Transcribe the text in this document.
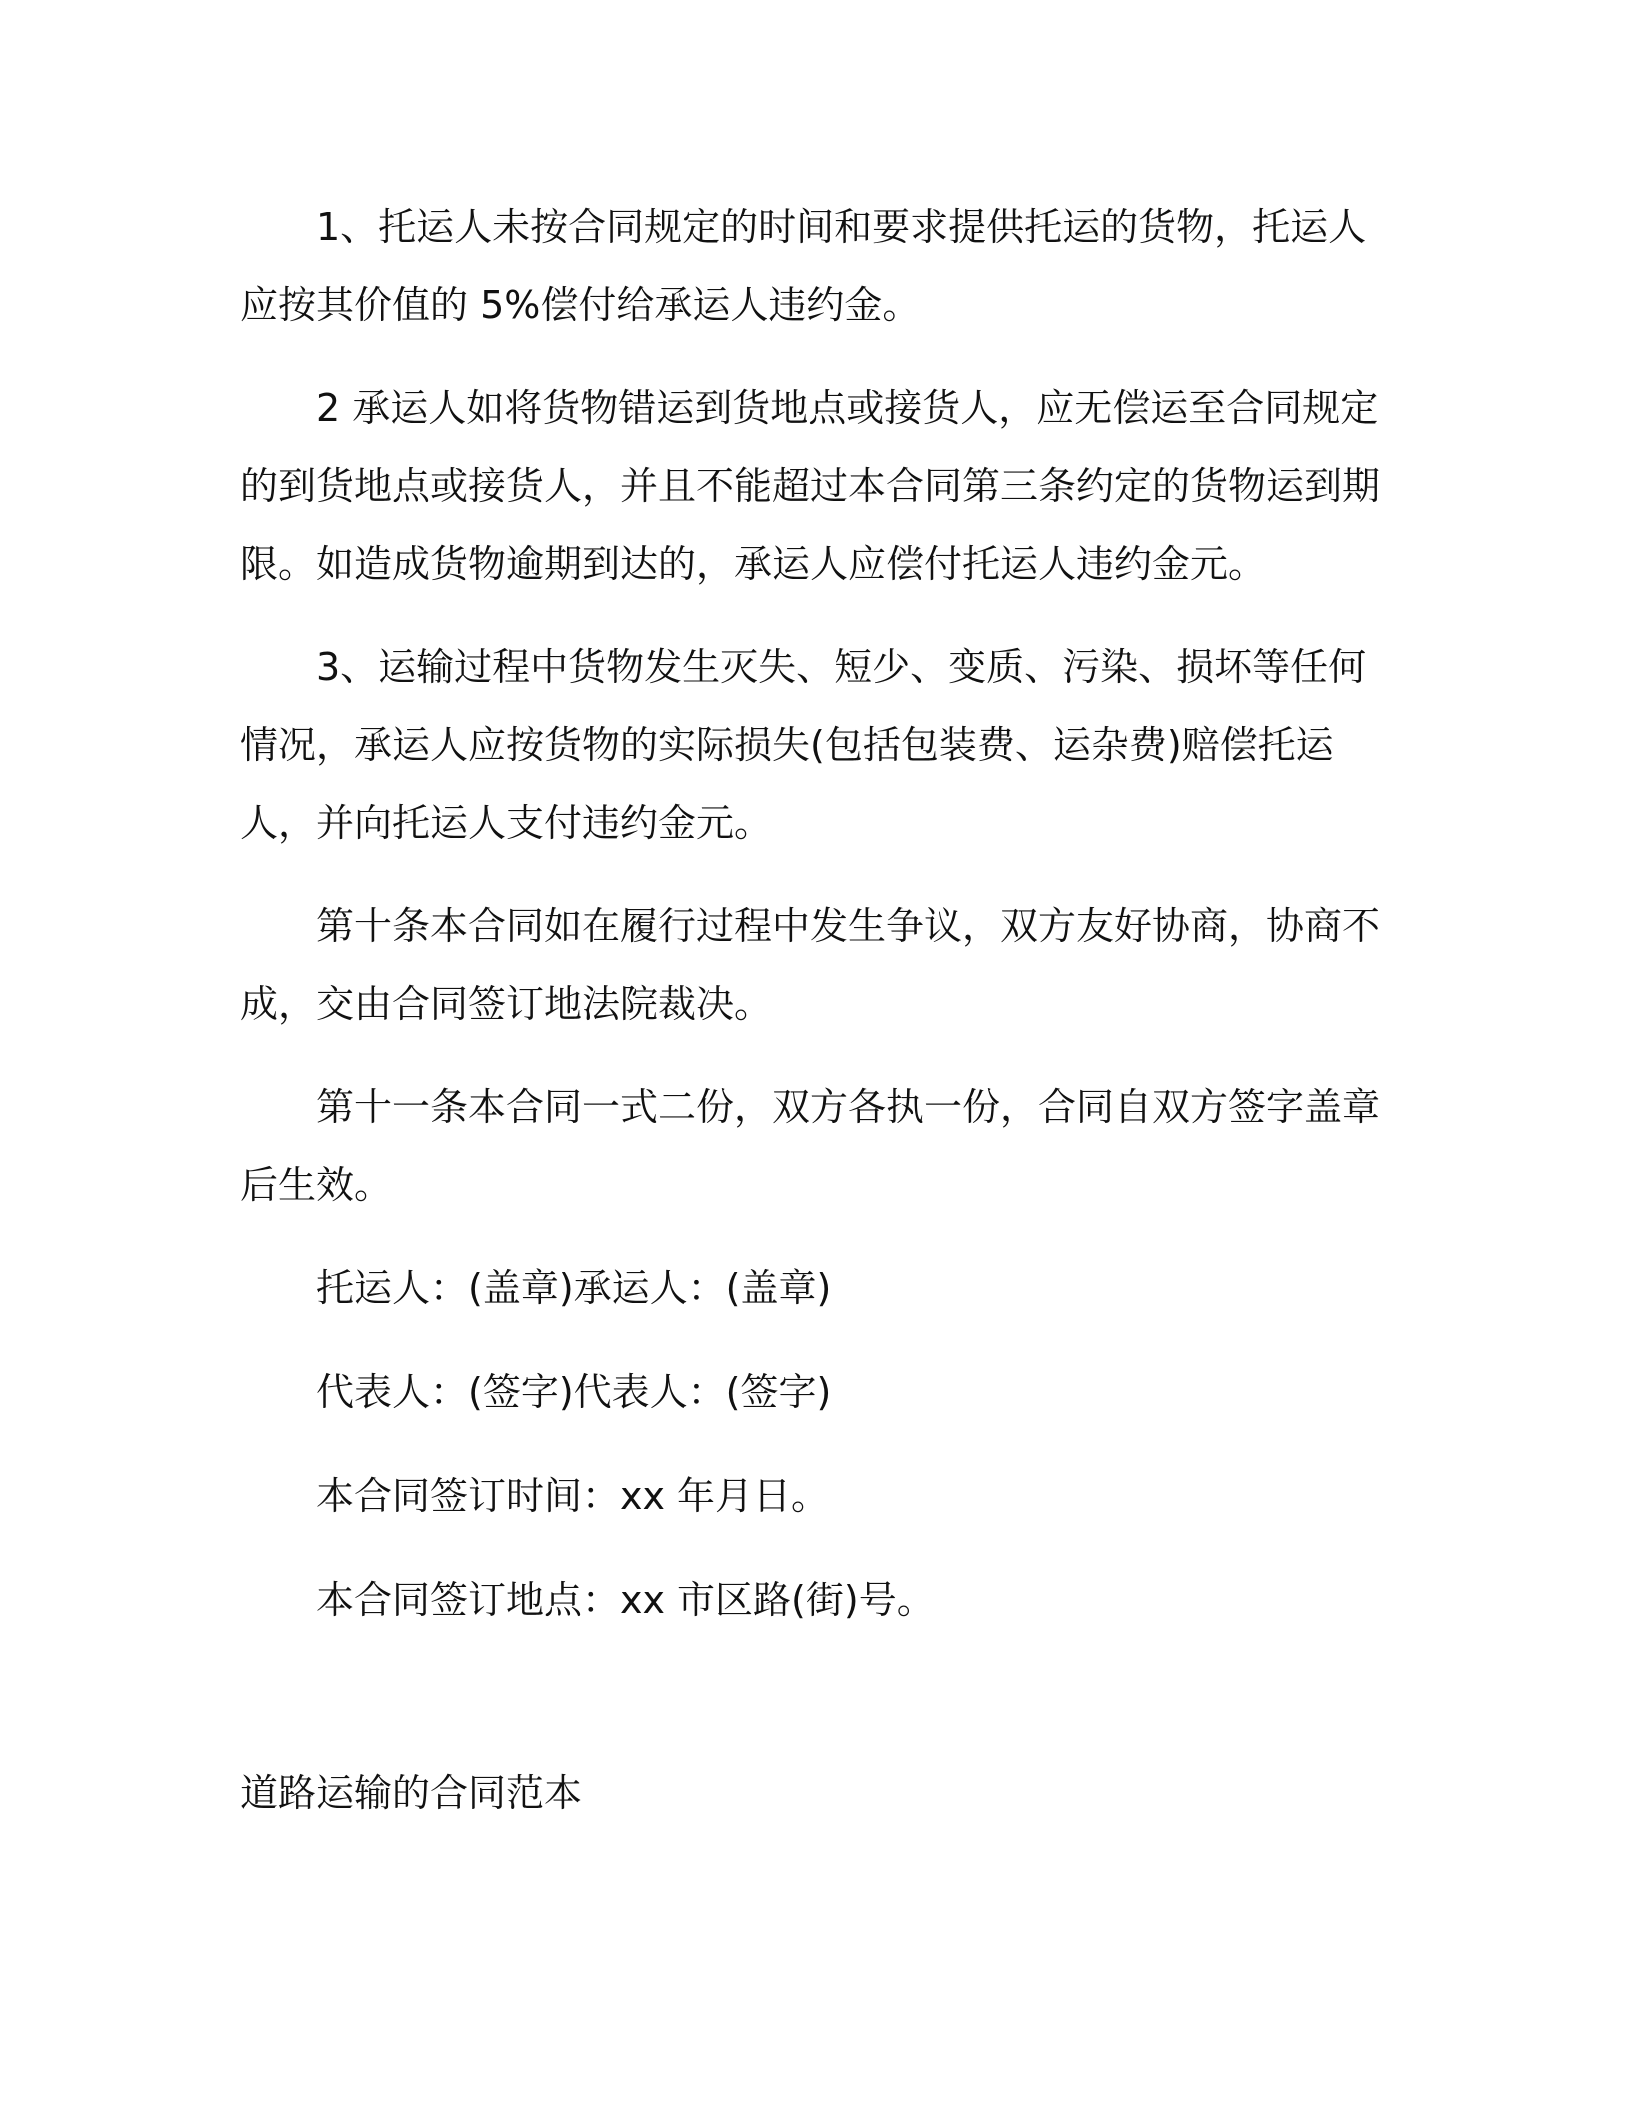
1、托运人未按合同规定的时间和要求提供托运的货物，托运人应按其价值的 5%偿付给承运人违约金。

2 承运人如将货物错运到货地点或接货人，应无偿运至合同规定的到货地点或接货人，并且不能超过本合同第三条约定的货物运到期限。如造成货物逾期到达的，承运人应偿付托运人违约金元。

3、运输过程中货物发生灭失、短少、变质、污染、损坏等任何情况，承运人应按货物的实际损失(包括包装费、运杂费)赔偿托运人，并向托运人支付违约金元。

第十条本合同如在履行过程中发生争议，双方友好协商，协商不成，交由合同签订地法院裁决。

第十一条本合同一式二份，双方各执一份，合同自双方签字盖章后生效。

托运人：(盖章)承运人：(盖章)
代表人：(签字)代表人：(签字)
本合同签订时间：xx 年月日。
本合同签订地点：xx 市区路(街)号。
道路运输的合同范本
